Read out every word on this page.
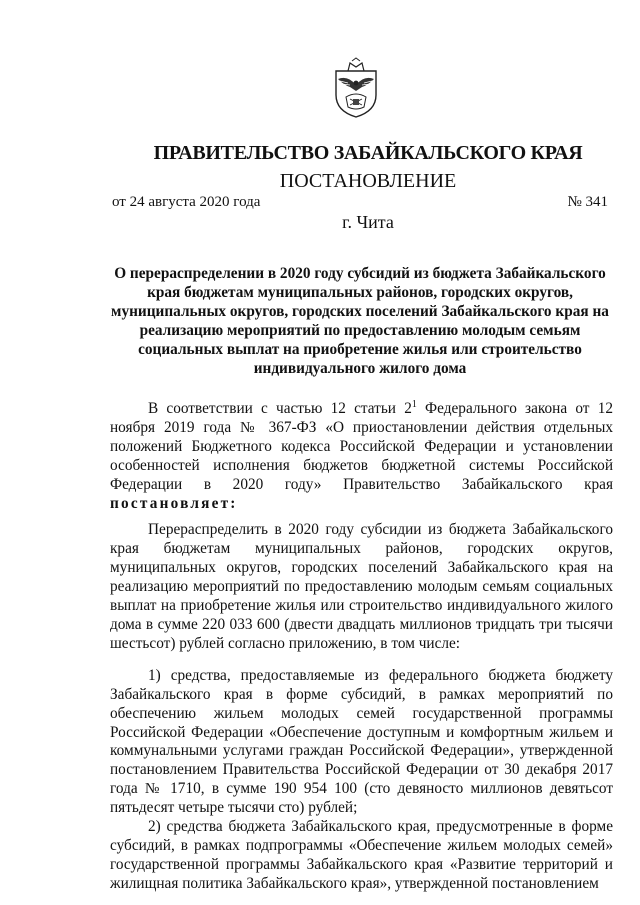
ПРАВИТЕЛЬСТВО ЗАБАЙКАЛЬСКОГО КРАЯ
ПОСТАНОВЛЕНИЕ
от 24 августа 2020 года	№ 341
г. Чита
О перераспределении в 2020 году субсидий из бюджета Забайкальского края бюджетам муниципальных районов, городских округов, муниципальных округов, городских поселений Забайкальского края на реализацию мероприятий по предоставлению молодым семьям социальных выплат на приобретение жилья или строительство индивидуального жилого дома

В соответствии с частью 12 статьи $2^1$ Федерального закона от 12 ноября 2019 года № 367-ФЗ «О приостановлении действия отдельных положений Бюджетного кодекса Российской Федерации и установлении особенностей исполнения бюджетов бюджетной системы Российской Федерации в 2020 году» Правительство Забайкальского края постановляет:

Перераспределить в 2020 году субсидии из бюджета Забайкальского края бюджетам муниципальных районов, городских округов, муниципальных округов, городских поселений Забайкальского края на реализацию мероприятий по предоставлению молодым семьям социальных выплат на приобретение жилья или строительство индивидуального жилого дома в сумме 220 033 600 (двести двадцать миллионов тридцать три тысячи шестьсот) рублей согласно приложению, в том числе:

1) средства, предоставляемые из федерального бюджета бюджету Забайкальского края в форме субсидий, в рамках мероприятий по обеспечению жильем молодых семей государственной программы Российской Федерации «Обеспечение доступным и комфортным жильем и коммунальными услугами граждан Российской Федерации», утвержденной постановлением Правительства Российской Федерации от 30 декабря 2017 года № 1710, в сумме 190 954 100 (сто девяносто миллионов девятьсот пятьдесят четыре тысячи сто) рублей;

2) средства бюджета Забайкальского края, предусмотренные в форме субсидий, в рамках подпрограммы «Обеспечение жильем молодых семей» государственной программы Забайкальского края «Развитие территорий и жилищная политика Забайкальского края», утвержденной постановлением
